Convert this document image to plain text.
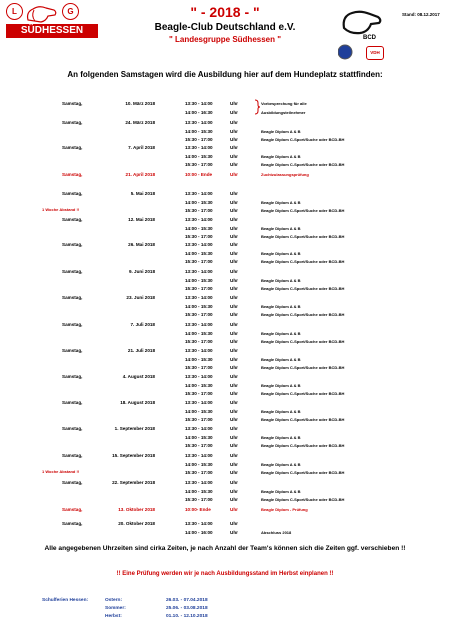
L	G
SÜDHESSEN
" - 2018 - "
Beagle-Club Deutschland e.V.
" Landesgruppe Südhessen "	BCD
VDH
Stand: 08.12.2017
An folgenden Samstagen wird die Ausbildung hier auf dem Hundeplatz stattfinden:
Samstag,	10. März 2018	13:30 - 14:00	Uhr	Vorbesprechung für alle
14:00 - 16:30	Uhr	Ausbildungsteilnehmer
Samstag,	24. März 2018	13:30 - 14:00	Uhr
14:00 - 15:30	Uhr	Beagle Diplom A & B
15:30 - 17:00	Uhr	Beagle Diplom C-Sport/Suche oder BCD-BH
Samstag,	7. April 2018	13:30 - 14:00	Uhr
14:00 - 15:30	Uhr	Beagle Diplom A & B
15:30 - 17:00	Uhr	Beagle Diplom C-Sport/Suche oder BCD-BH
Samstag,	21. April 2018	10:00 - Ende	Uhr	Zuchtzulassungsprüfung
Samstag,	5. Mai 2018	13:30 - 14:00	Uhr
14:00 - 15:30	Uhr	Beagle Diplom A & B
15:30 - 17:00	Uhr	Beagle Diplom C-Sport/Suche oder BCD-BH
1 Woche Abstand !!
Samstag,	12. Mai 2018	13:30 - 14:00	Uhr
14:00 - 15:30	Uhr	Beagle Diplom A & B
15:30 - 17:00	Uhr	Beagle Diplom C-Sport/Suche oder BCD-BH
Samstag,	26. Mai 2018	13:30 - 14:00	Uhr
14:00 - 15:30	Uhr	Beagle Diplom A & B
15:30 - 17:00	Uhr	Beagle Diplom C-Sport/Suche oder BCD-BH
Samstag,	9. Juni 2018	13:30 - 14:00	Uhr
14:00 - 15:30	Uhr	Beagle Diplom A & B
15:30 - 17:00	Uhr	Beagle Diplom C-Sport/Suche oder BCD-BH
Samstag,	23. Juni 2018	13:30 - 14:00	Uhr
14:00 - 15:30	Uhr	Beagle Diplom A & B
15:30 - 17:00	Uhr	Beagle Diplom C-Sport/Suche oder BCD-BH
Samstag,	7. Juli 2018	13:30 - 14:00	Uhr
14:00 - 15:30	Uhr	Beagle Diplom A & B
15:30 - 17:00	Uhr	Beagle Diplom C-Sport/Suche oder BCD-BH
Samstag,	21. Juli 2018	13:30 - 14:00	Uhr
14:00 - 15:30	Uhr	Beagle Diplom A & B
15:30 - 17:00	Uhr	Beagle Diplom C-Sport/Suche oder BCD-BH
Samstag,	4. August 2018	13:30 - 14:00	Uhr
14:00 - 15:30	Uhr	Beagle Diplom A & B
15:30 - 17:00	Uhr	Beagle Diplom C-Sport/Suche oder BCD-BH
Samstag,	18. August 2018	13:30 - 14:00	Uhr
14:00 - 15:30	Uhr	Beagle Diplom A & B
15:30 - 17:00	Uhr	Beagle Diplom C-Sport/Suche oder BCD-BH
Samstag,	1. September 2018	13:30 - 14:00	Uhr
14:00 - 15:30	Uhr	Beagle Diplom A & B
15:30 - 17:00	Uhr	Beagle Diplom C-Sport/Suche oder BCD-BH
Samstag,	15. September 2018	13:30 - 14:00	Uhr
14:00 - 15:30	Uhr	Beagle Diplom A & B
15:30 - 17:00	Uhr	Beagle Diplom C-Sport/Suche oder BCD-BH
1 Woche Abstand !!
Samstag,	22. September 2018	13:30 - 14:00	Uhr
14:00 - 15:30	Uhr	Beagle Diplom A & B
15:30 - 17:00	Uhr	Beagle Diplom C-Sport/Suche oder BCD-BH
Samstag,	13. Oktober 2018	10:00- Ende	Uhr	Beagle Diplom - Prüfung
Samstag,	20. Oktober 2018	13:30 - 14:00	Uhr
14:00 - 16:00	Uhr	Abschluss 2018
Alle angegebenen Uhrzeiten sind cirka Zeiten, je nach Anzahl der Team's können sich die Zeiten ggf. verschieben !!
!! Eine Prüfung werden wir je nach Ausbildungsstand im Herbst einplanen !!
Schulferien Hessen:	Ostern:	26.03. - 07.04.2018
Sommer:	25.06. - 03.08.2018
Herbst:	01.10. - 12.10.2018
